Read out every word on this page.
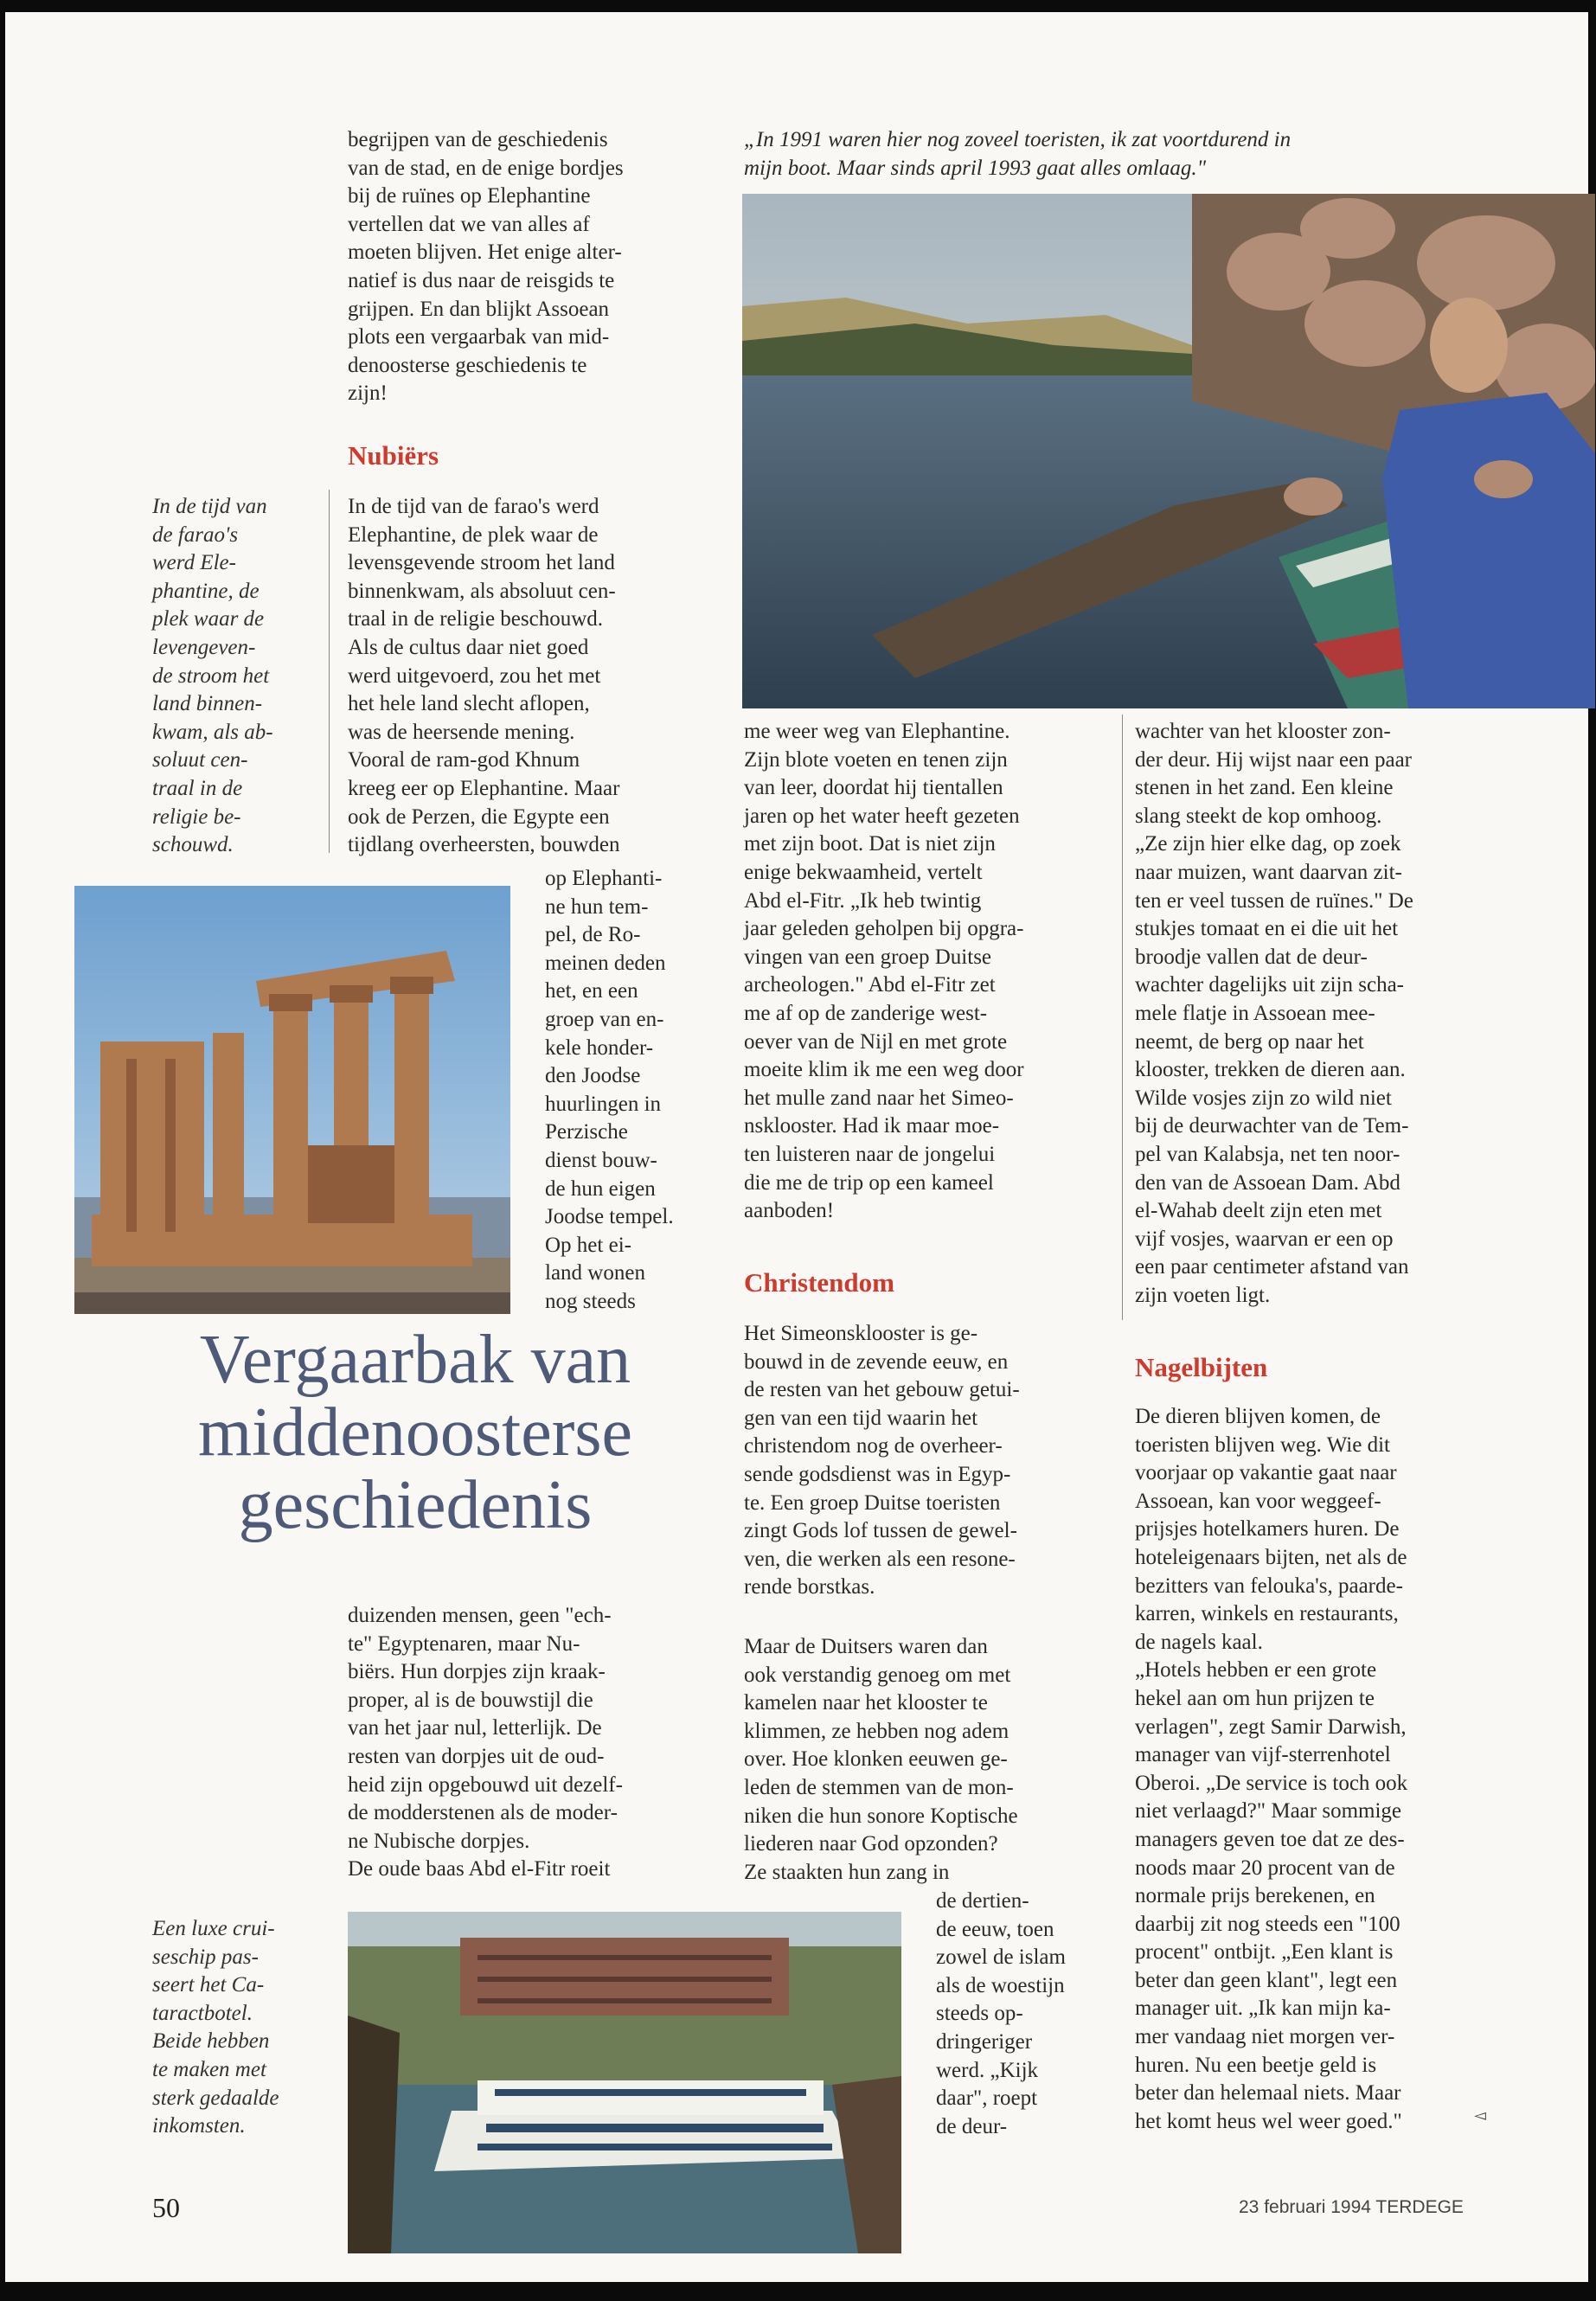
begrijpen van de geschiedenis
van de stad, en de enige bordjes
bij de ruïnes op Elephantine
vertellen dat we van alles af
moeten blijven. Het enige alter-
natief is dus naar de reisgids te
grijpen. En dan blijkt Assoean
plots een vergaarbak van mid-
denoosterse geschiedenis te
zijn!
Nubiërs
In de tijd van de farao's werd
Elephantine, de plek waar de
levensgevende stroom het land
binnenkwam, als absoluut cen-
traal in de religie beschouwd.
Als de cultus daar niet goed
werd uitgevoerd, zou het met
het hele land slecht aflopen,
was de heersende mening.
Vooral de ram-god Khnum
kreeg eer op Elephantine. Maar
ook de Perzen, die Egypte een
tijdlang overheersten, bouwden
op Elephanti-
ne hun tem-
pel, de Ro-
meinen deden
het, en een
groep van en-
kele honder-
den Joodse
huurlingen in
Perzische
dienst bouw-
de hun eigen
Joodse tempel.
Op het ei-
land wonen
nog steeds
In de tijd van
de farao's
werd Ele-
phantine, de
plek waar de
levengeven-
de stroom het
land binnen-
kwam, als ab-
soluut cen-
traal in de
religie be-
schouwd.
Vergaarbak van
middenoosterse
geschiedenis
duizenden mensen, geen "ech-
te" Egyptenaren, maar Nu-
biërs. Hun dorpjes zijn kraak-
proper, al is de bouwstijl die
van het jaar nul, letterlijk. De
resten van dorpjes uit de oud-
heid zijn opgebouwd uit dezelf-
de modderstenen als de moder-
ne Nubische dorpjes.
De oude baas Abd el-Fitr roeit
Een luxe crui-
seschip pas-
seert het Ca-
taractbotel.
Beide hebben
te maken met
sterk gedaalde
inkomsten.
„In 1991 waren hier nog zoveel toeristen, ik zat voortdurend in
mijn boot. Maar sinds april 1993 gaat alles omlaag."
me weer weg van Elephantine.
Zijn blote voeten en tenen zijn
van leer, doordat hij tientallen
jaren op het water heeft gezeten
met zijn boot. Dat is niet zijn
enige bekwaamheid, vertelt
Abd el-Fitr. „Ik heb twintig
jaar geleden geholpen bij opgra-
vingen van een groep Duitse
archeologen." Abd el-Fitr zet
me af op de zanderige west-
oever van de Nijl en met grote
moeite klim ik me een weg door
het mulle zand naar het Simeo-
nsklooster. Had ik maar moe-
ten luisteren naar de jongelui
die me de trip op een kameel
aanboden!
Christendom
Het Simeonsklooster is ge-
bouwd in de zevende eeuw, en
de resten van het gebouw getui-
gen van een tijd waarin het
christendom nog de overheer-
sende godsdienst was in Egyp-
te. Een groep Duitse toeristen
zingt Gods lof tussen de gewel-
ven, die werken als een resone-
rende borstkas.
Maar de Duitsers waren dan
ook verstandig genoeg om met
kamelen naar het klooster te
klimmen, ze hebben nog adem
over. Hoe klonken eeuwen ge-
leden de stemmen van de mon-
niken die hun sonore Koptische
liederen naar God opzonden?
Ze staakten hun zang in
de dertien-
de eeuw, toen
zowel de islam
als de woestijn
steeds op-
dringeriger
werd. „Kijk
daar", roept
de deur-
wachter van het klooster zon-
der deur. Hij wijst naar een paar
stenen in het zand. Een kleine
slang steekt de kop omhoog.
„Ze zijn hier elke dag, op zoek
naar muizen, want daarvan zit-
ten er veel tussen de ruïnes." De
stukjes tomaat en ei die uit het
broodje vallen dat de deur-
wachter dagelijks uit zijn scha-
mele flatje in Assoean mee-
neemt, de berg op naar het
klooster, trekken de dieren aan.
Wilde vosjes zijn zo wild niet
bij de deurwachter van de Tem-
pel van Kalabsja, net ten noor-
den van de Assoean Dam. Abd
el-Wahab deelt zijn eten met
vijf vosjes, waarvan er een op
een paar centimeter afstand van
zijn voeten ligt.
Nagelbijten
De dieren blijven komen, de
toeristen blijven weg. Wie dit
voorjaar op vakantie gaat naar
Assoean, kan voor weggeef-
prijsjes hotelkamers huren. De
hoteleigenaars bijten, net als de
bezitters van felouka's, paarde-
karren, winkels en restaurants,
de nagels kaal.
„Hotels hebben er een grote
hekel aan om hun prijzen te
verlagen", zegt Samir Darwish,
manager van vijf-sterrenhotel
Oberoi. „De service is toch ook
niet verlaagd?" Maar sommige
managers geven toe dat ze des-
noods maar 20 procent van de
normale prijs berekenen, en
daarbij zit nog steeds een "100
procent" ontbijt. „Een klant is
beter dan geen klant", legt een
manager uit. „Ik kan mijn ka-
mer vandaag niet morgen ver-
huren. Nu een beetje geld is
beter dan helemaal niets. Maar
het komt heus wel weer goed."	◅
50	23 februari 1994 TERDEGE
